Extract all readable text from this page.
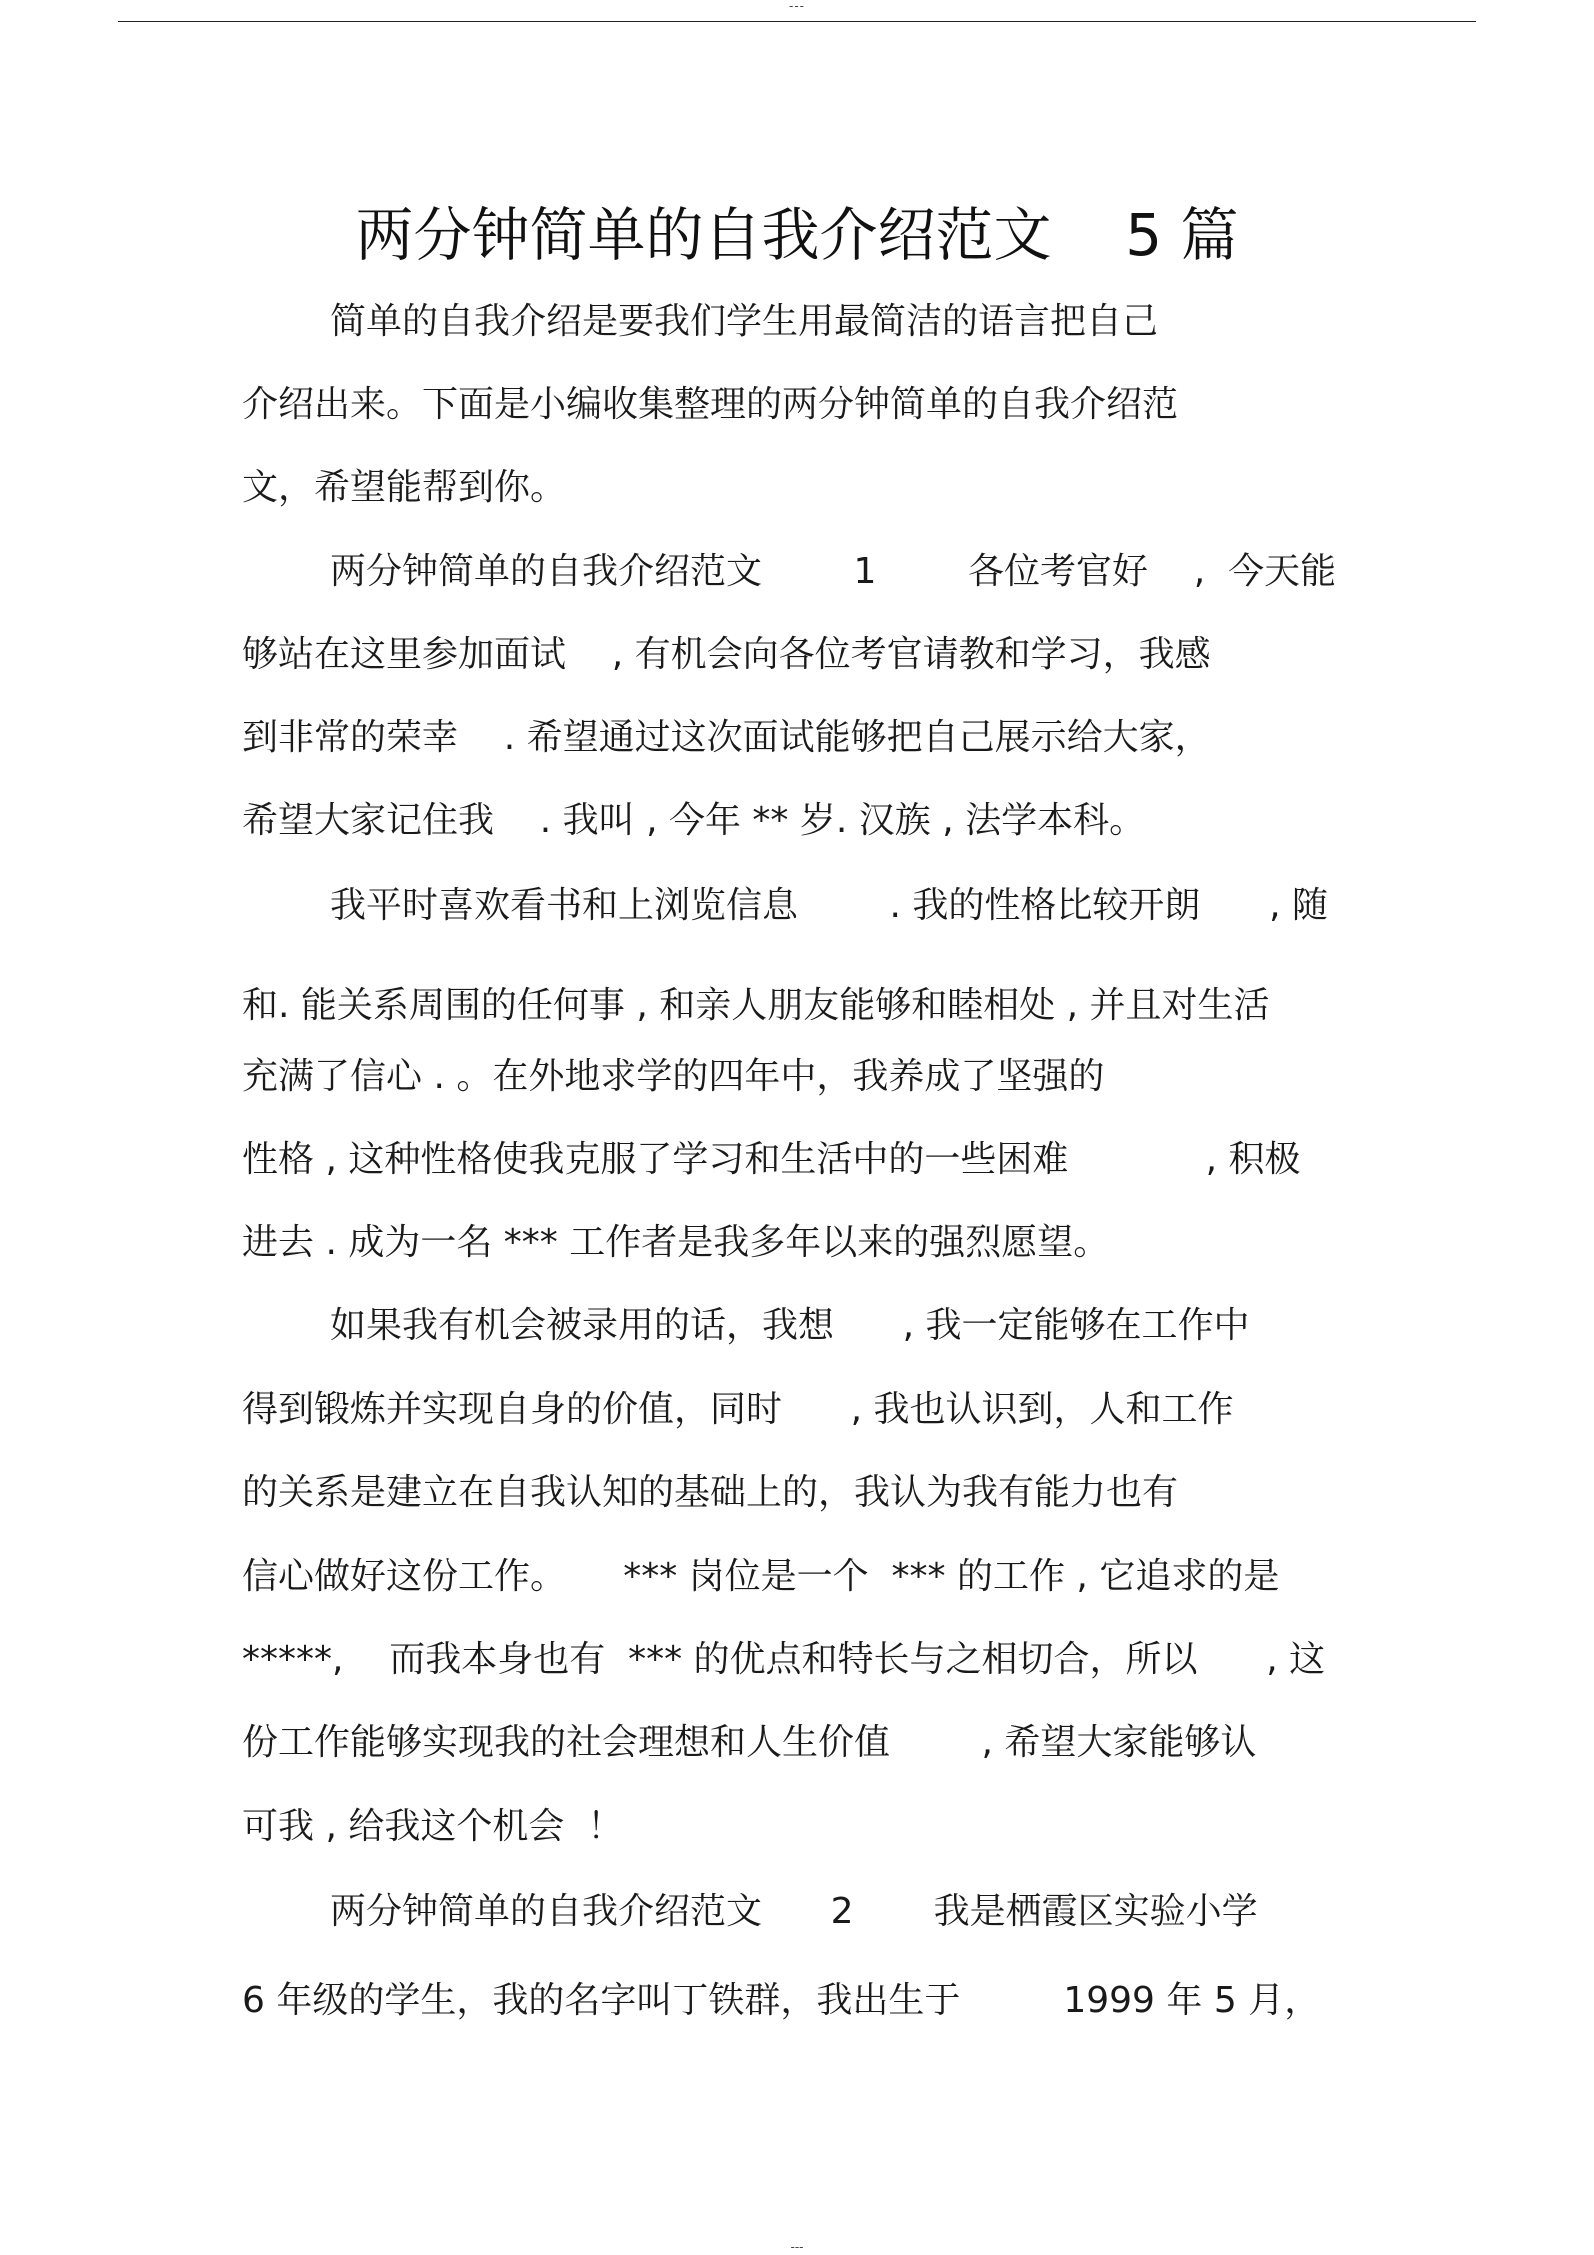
---
两分钟简单的自我介绍范文    5 篇
简单的自我介绍是要我们学生用最简洁的语言把自己
介绍出来。下面是小编收集整理的两分钟简单的自我介绍范
文，希望能帮到你。
两分钟简单的自我介绍范文        1        各位考官好    ,  今天能
够站在这里参加面试    , 有机会向各位考官请教和学习，我感
到非常的荣幸    . 希望通过这次面试能够把自己展示给大家，
希望大家记住我    . 我叫 , 今年 ** 岁. 汉族 , 法学本科。
我平时喜欢看书和上浏览信息        . 我的性格比较开朗      , 随
和. 能关系周围的任何事 , 和亲人朋友能够和睦相处 , 并且对生活
充满了信心 . 。在外地求学的四年中，我养成了坚强的
性格 , 这种性格使我克服了学习和生活中的一些困难            , 积极
进去 . 成为一名 *** 工作者是我多年以来的强烈愿望。
如果我有机会被录用的话，我想      , 我一定能够在工作中
得到锻炼并实现自身的价值，同时      , 我也认识到，人和工作
的关系是建立在自我认知的基础上的，我认为我有能力也有
信心做好这份工作。     *** 岗位是一个  *** 的工作 , 它追求的是
*****,    而我本身也有  *** 的优点和特长与之相切合，所以      , 这
份工作能够实现我的社会理想和人生价值        , 希望大家能够认
可我 , 给我这个机会  ！
两分钟简单的自我介绍范文      2       我是栖霞区实验小学
6 年级的学生，我的名字叫丁铁群，我出生于         1999 年 5 月，
---
